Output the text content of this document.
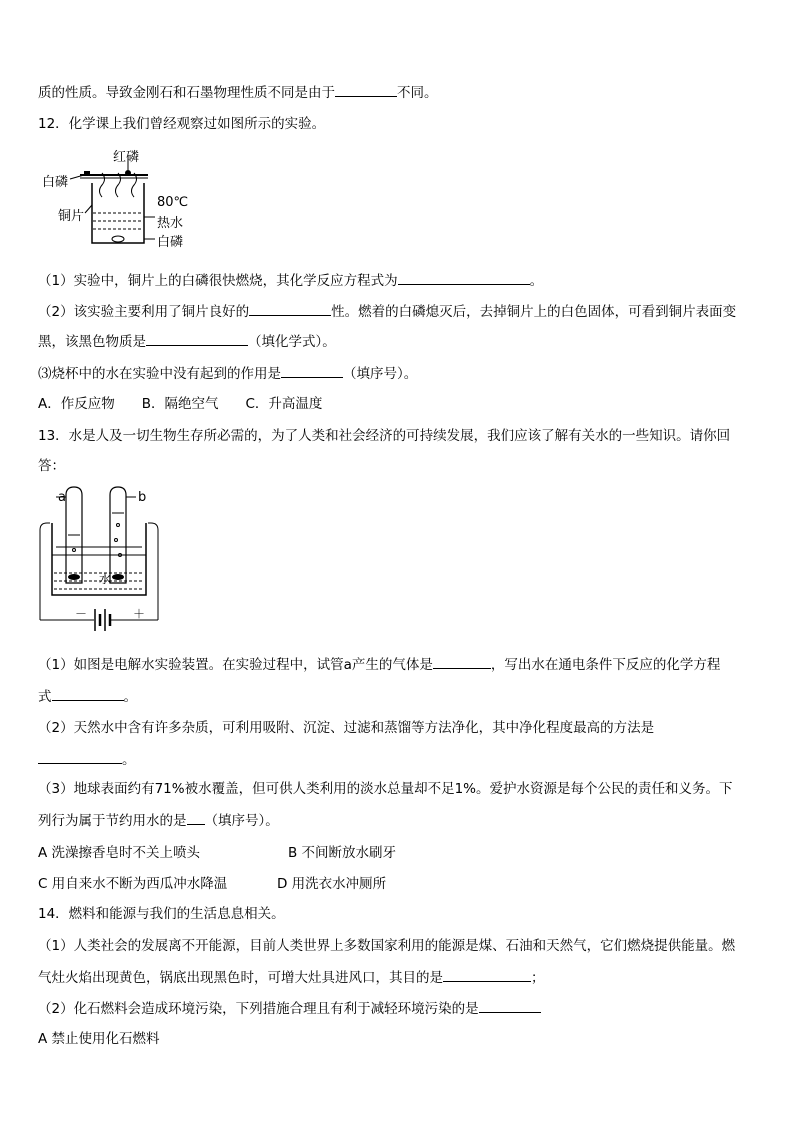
质的性质。导致金刚石和石墨物理性质不同是由于	不同。
12．化学课上我们曾经观察过如图所示的实验。
红磷
白磷
铜片
80℃
热水
白磷
（1）实验中，铜片上的白磷很快燃烧，其化学反应方程式为	。
（2）该实验主要利用了铜片良好的	性。燃着的白磷熄灭后，去掉铜片上的白色固体，可看到铜片表面变
黑，该黑色物质是	（填化学式）。
⑶烧杯中的水在实验中没有起到的作用是	（填序号）。
A．作反应物　　B．隔绝空气　　C．升高温度
13．水是人及一切生物生存所必需的，为了人类和社会经济的可持续发展，我们应该了解有关水的一些知识。请你回
答：
a	b
水
－	＋
（1）如图是电解水实验装置。在实验过程中，试管a产生的气体是	，写出水在通电条件下反应的化学方程
式	。
（2）天然水中含有许多杂质，可利用吸附、沉淀、过滤和蒸馏等方法净化，其中净化程度最高的方法是
。
（3）地球表面约有71%被水覆盖，但可供人类利用的淡水总量却不足1%。爱护水资源是每个公民的责任和义务。下
列行为属于节约用水的是 （填序号）。
A 洗澡擦香皂时不关上喷头	B 不间断放水刷牙
C 用自来水不断为西瓜冲水降温	D 用洗衣水冲厕所
14．燃料和能源与我们的生活息息相关。
（1）人类社会的发展离不开能源，目前人类世界上多数国家利用的能源是煤、石油和天然气，它们燃烧提供能量。燃
气灶火焰出现黄色，锅底出现黑色时，可增大灶具进风口，其目的是	；
（2）化石燃料会造成环境污染，下列措施合理且有利于减轻环境污染的是
A 禁止使用化石燃料
